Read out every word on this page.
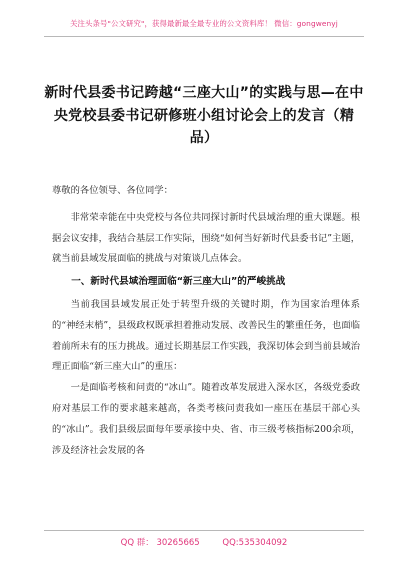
关注头条号"公文研究"，获得最新最全最专业的公文资料库！ 微信：gongwenyj
新时代县委书记跨越“三座大山”的实践与思—在中央党校县委书记研修班小组讨论会上的发言（精品）

尊敬的各位领导、各位同学：

非常荣幸能在中央党校与各位共同探讨新时代县域治理的重大课题。根据会议安排，我结合基层工作实际，围绕“如何当好新时代县委书记”主题，就当前县域发展面临的挑战与对策谈几点体会。

一、新时代县域治理面临“新三座大山”的严峻挑战

当前我国县域发展正处于转型升级的关键时期，作为国家治理体系的“神经末梢”，县级政权既承担着推动发展、改善民生的繁重任务，也面临着前所未有的压力挑战。通过长期基层工作实践，我深切体会到当前县域治理正面临“新三座大山”的重压：

一是面临考核和问责的“冰山”。随着改革发展进入深水区，各级党委政府对基层工作的要求越来越高，各类考核问责我如一座压在基层干部心头的“冰山”。我们县级层面每年要承接中央、省、市三级考核指标200余项，涉及经济社会发展的各

QQ 群： 30265665	QQ:535304092
